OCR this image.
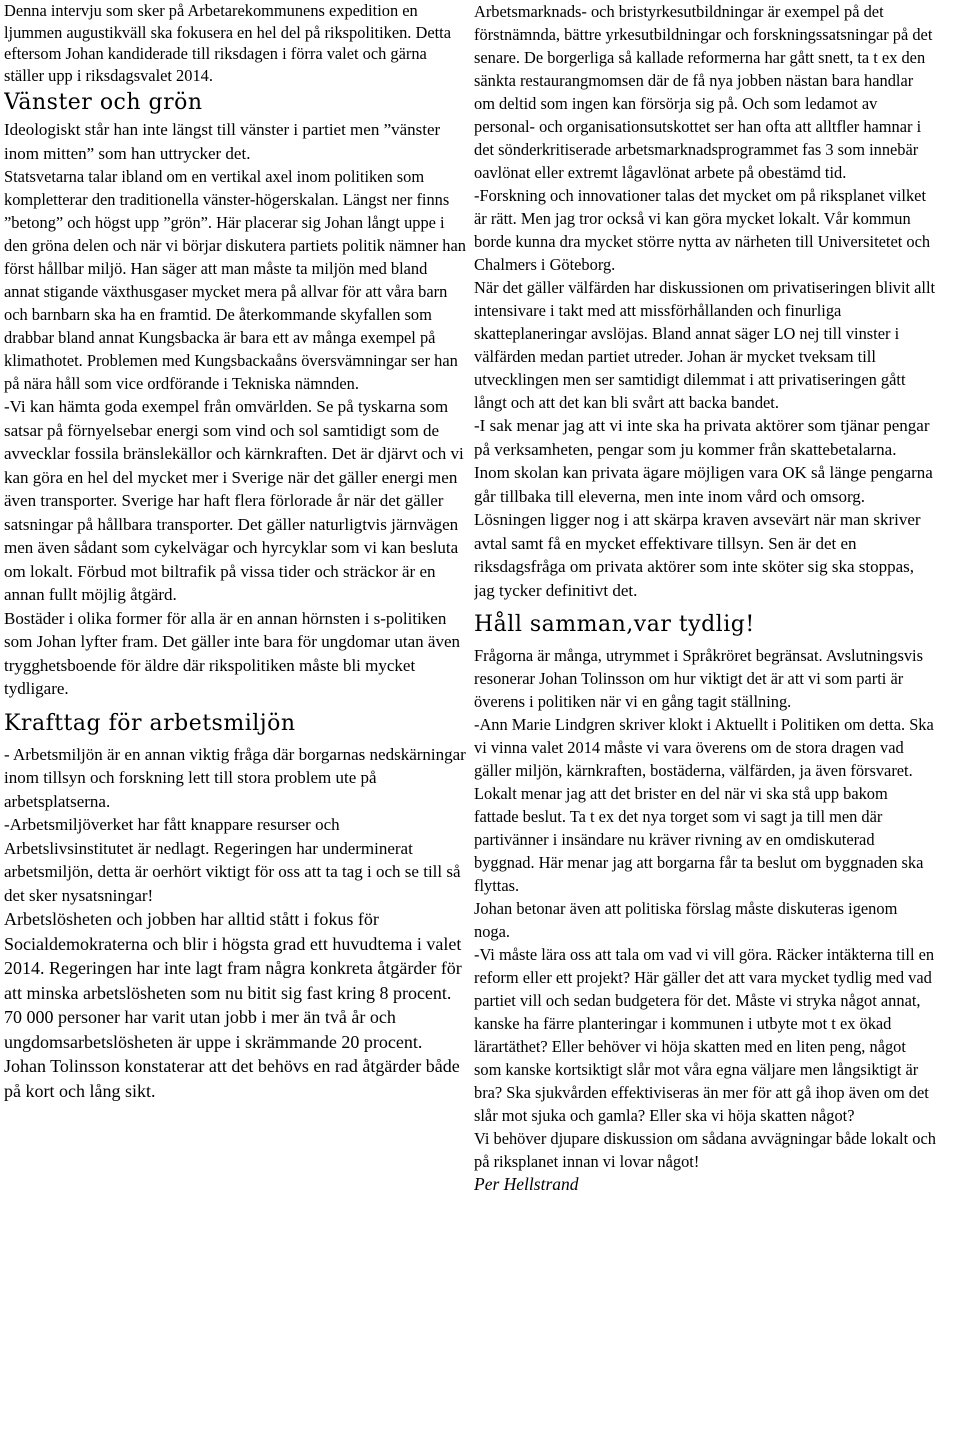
Denna intervju som sker på Arbetarekommunens expedition en ljummen augustikväll ska fokusera en hel del på rikspolitiken. Detta eftersom Johan kandiderade till riksdagen i förra valet och gärna ställer upp i riksdagsvalet 2014.

Vänster och grön

Ideologiskt står han inte längst till vänster i partiet men ”vänster inom mitten” som han uttrycker det.

Statsvetarna talar ibland om en vertikal axel inom politiken som kompletterar den traditionella vänster-högerskalan. Längst ner finns ”betong” och högst upp ”grön”. Här placerar sig Johan långt uppe i den gröna delen och när vi börjar diskutera partiets politik nämner han först hållbar miljö. Han säger att man måste ta miljön med bland annat stigande växthusgaser mycket mera på allvar för att våra barn och barnbarn ska ha en framtid. De återkommande skyfallen som drabbar bland annat Kungsbacka är bara ett av många exempel på klimathotet. Problemen med Kungsbackaåns översvämningar ser han på nära håll som vice ordförande i Tekniska nämnden.

-Vi kan hämta goda exempel från omvärlden. Se på tyskarna som satsar på förnyelsebar energi som vind och sol samtidigt som de avvecklar fossila bränslekällor och kärnkraften. Det är djärvt och vi kan göra en hel del mycket mer i Sverige när det gäller energi men även transporter. Sverige har haft flera förlorade år när det gäller satsningar på hållbara transporter. Det gäller naturligtvis järnvägen men även sådant som cykelvägar och hyrcyklar som vi kan besluta om lokalt. Förbud mot biltrafik på vissa tider och sträckor är en annan fullt möjlig åtgärd.

Bostäder i olika former för alla är en annan hörnsten i s-politiken som Johan lyfter fram. Det gäller inte bara för ungdomar utan även trygghetsboende för äldre där rikspolitiken måste bli mycket tydligare.

Krafttag för arbetsmiljön

- Arbetsmiljön är en annan viktig fråga där borgarnas nedskärningar inom tillsyn och forskning lett till stora problem ute på arbetsplatserna.

-Arbetsmiljöverket har fått knappare resurser och Arbetslivsinstitutet är nedlagt. Regeringen har underminerat arbetsmiljön, detta är oerhört viktigt för oss att ta tag i och se till så det sker nysatsningar!

Arbetslösheten och jobben har alltid stått i fokus för Socialdemokraterna och blir i högsta grad ett huvudtema i valet 2014. Regeringen har inte lagt fram några konkreta åtgärder för att minska arbetslösheten som nu bitit sig fast kring 8 procent. 70 000 personer har varit utan jobb i mer än två år och ungdomsarbetslösheten är uppe i skrämmande 20 procent.

Johan Tolinsson konstaterar att det behövs en rad åtgärder både på kort och lång sikt.

Arbetsmarknads- och bristyrkesutbildningar är exempel på det förstnämnda, bättre yrkesutbildningar och forskningssatsningar på det senare. De borgerliga så kallade reformerna har gått snett, ta t ex den sänkta restaurangmomsen där de få nya jobben nästan bara handlar om deltid som ingen kan försörja sig på. Och som ledamot av personal- och organisationsutskottet ser han ofta att alltfler hamnar i det sönderkritiserade arbetsmarknadsprogrammet fas 3 som innebär oavlönat eller extremt lågavlönat arbete på obestämd tid.

-Forskning och innovationer talas det mycket om på riksplanet vilket är rätt. Men jag tror också vi kan göra mycket lokalt. Vår kommun borde kunna dra mycket större nytta av närheten till Universitetet och Chalmers i Göteborg.

När det gäller välfärden har diskussionen om privatiseringen blivit allt intensivare i takt med att missförhållanden och finurliga skatteplaneringar avslöjas. Bland annat säger LO nej till vinster i välfärden medan partiet utreder. Johan är mycket tveksam till utvecklingen men ser samtidigt dilemmat i att privatiseringen gått långt och att det kan bli svårt att backa bandet.

-I sak menar jag att vi inte ska ha privata aktörer som tjänar pengar på verksamheten, pengar som ju kommer från skattebetalarna. Inom skolan kan privata ägare möjligen vara OK så länge pengarna går tillbaka till eleverna, men inte inom vård och omsorg. Lösningen ligger nog i att skärpa kraven avsevärt när man skriver avtal samt få en mycket effektivare tillsyn. Sen är det en riksdagsfråga om privata aktörer som inte sköter sig ska stoppas, jag tycker definitivt det.

Håll samman,var tydlig!

Frågorna är många, utrymmet i Språkröret begränsat. Avslutningsvis resonerar Johan Tolinsson om hur viktigt det är att vi som parti är överens i politiken när vi en gång tagit ställning.

-Ann Marie Lindgren skriver klokt i Aktuellt i Politiken om detta. Ska vi vinna valet 2014 måste vi vara överens om de stora dragen vad gäller miljön, kärnkraften, bostäderna, välfärden, ja även försvaret. Lokalt menar jag att det brister en del när vi ska stå upp bakom fattade beslut. Ta t ex det nya torget som vi sagt ja till men där partivänner i insändare nu kräver rivning av en omdiskuterad byggnad. Här menar jag att borgarna får ta beslut om byggnaden ska flyttas.

Johan betonar även att politiska förslag måste diskuteras igenom noga.

-Vi måste lära oss att tala om vad vi vill göra. Räcker intäkterna till en reform eller ett projekt? Här gäller det att vara mycket tydlig med vad partiet vill och sedan budgetera för det. Måste vi stryka något annat, kanske ha färre planteringar i kommunen i utbyte mot t ex ökad lärartäthet? Eller behöver vi höja skatten med en liten peng, något som kanske kortsiktigt slår mot våra egna väljare men långsiktigt är bra? Ska sjukvården effektiviseras än mer för att gå ihop även om det slår mot sjuka och gamla? Eller ska vi höja skatten något?

Vi behöver djupare diskussion om sådana avvägningar både lokalt och på riksplanet innan vi lovar något!

Per Hellstrand
